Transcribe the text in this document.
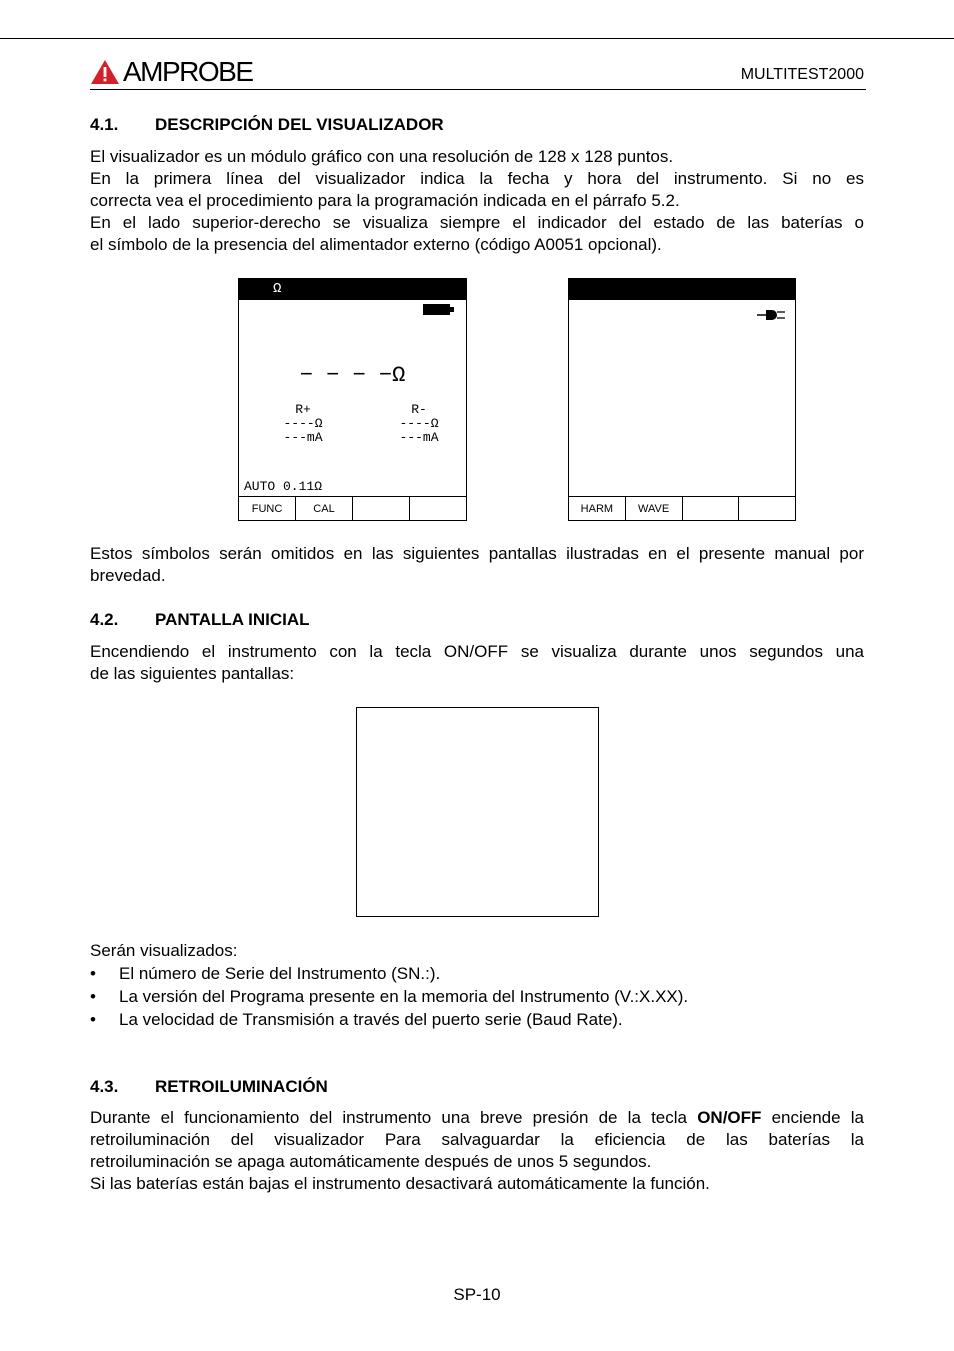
AMPROBE	MULTITEST2000
4.1.	DESCRIPCIÓN DEL VISUALIZADOR
El visualizador es un módulo gráfico con una resolución de 128 x 128 puntos.
En la primera línea del visualizador indica la fecha y hora del instrumento. Si no es
correcta vea el procedimiento para la programación indicada en el párrafo 5.2.
En el lado superior-derecho se visualiza siempre el indicador del estado de las baterías o
el símbolo de la presencia del alimentador externo (código A0051 opcional).
Ω
− − − −Ω
R+
----Ω
---mA
R-
----Ω
---mA
AUTO 0.11Ω
FUNC	CAL	HARM	WAVE
Estos símbolos serán omitidos en las siguientes pantallas ilustradas en el presente manual por
brevedad.
4.2.	PANTALLA INICIAL
Encendiendo el instrumento con la tecla ON/OFF se visualiza durante unos segundos una
de las siguientes pantallas:
Serán visualizados:
• El número de Serie del Instrumento (SN.:).
• La versión del Programa presente en la memoria del Instrumento (V.:X.XX).
• La velocidad de Transmisión a través del puerto serie (Baud Rate).
4.3.	RETROILUMINACIÓN
Durante el funcionamiento del instrumento una breve presión de la tecla ON/OFF enciende la
retroiluminación del visualizador Para salvaguardar la eficiencia de las baterías la
retroiluminación se apaga automáticamente después de unos 5 segundos.
Si las baterías están bajas el instrumento desactivará automáticamente la función.
SP-10
